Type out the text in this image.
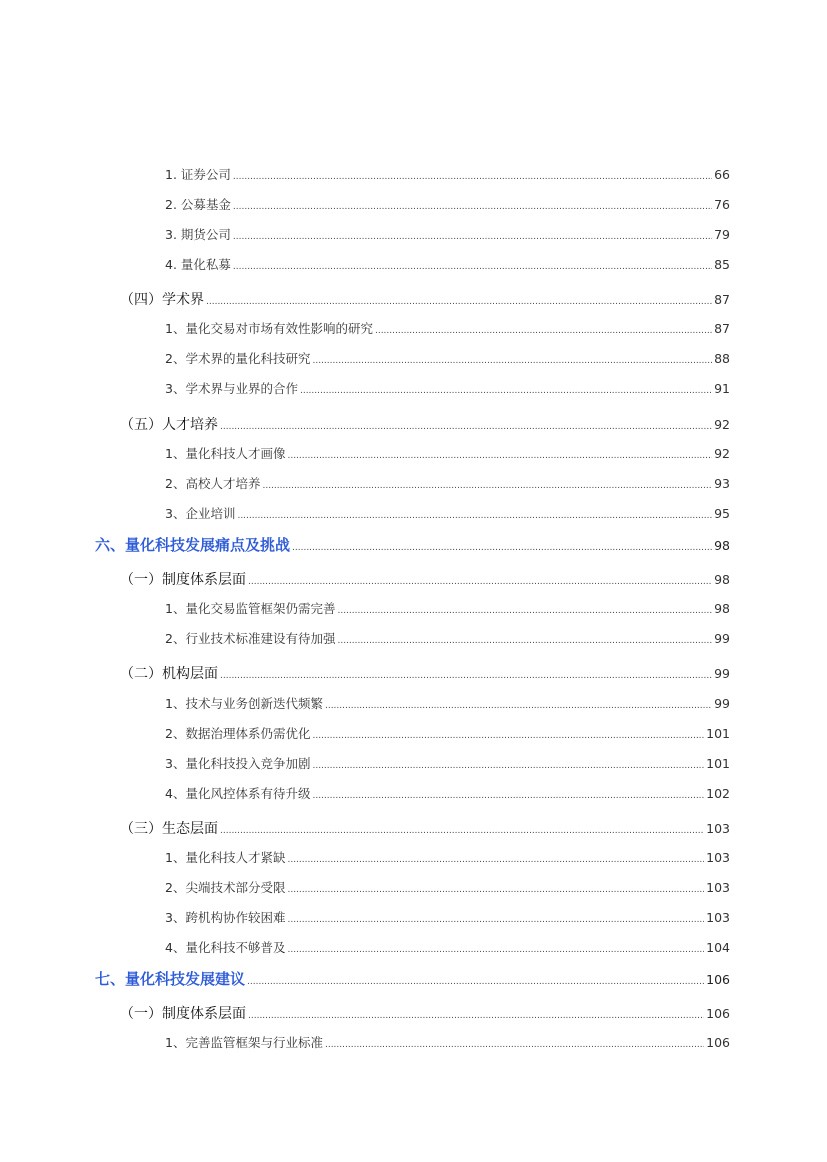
1. 证券公司 .....	66
2. 公募基金 .....	76
3. 期货公司 .....	79
4. 量化私募 .....	85
（四）学术界 .....	87
1、量化交易对市场有效性影响的研究 .....	87
2、学术界的量化科技研究 .....	88
3、学术界与业界的合作 .....	91
（五）人才培养 .....	92
1、量化科技人才画像 .....	92
2、高校人才培养 .....	93
3、企业培训 .....	95
六、量化科技发展痛点及挑战 .....	98
（一）制度体系层面 .....	98
1、量化交易监管框架仍需完善 .....	98
2、行业技术标准建设有待加强 .....	99
（二）机构层面 .....	99
1、技术与业务创新迭代频繁 .....	99
2、数据治理体系仍需优化 .....	101
3、量化科技投入竞争加剧 .....	101
4、量化风控体系有待升级 .....	102
（三）生态层面 .....	103
1、量化科技人才紧缺 .....	103
2、尖端技术部分受限 .....	103
3、跨机构协作较困难 .....	103
4、量化科技不够普及 .....	104
七、量化科技发展建议 .....	106
（一）制度体系层面 .....	106
1、完善监管框架与行业标准 .....	106
